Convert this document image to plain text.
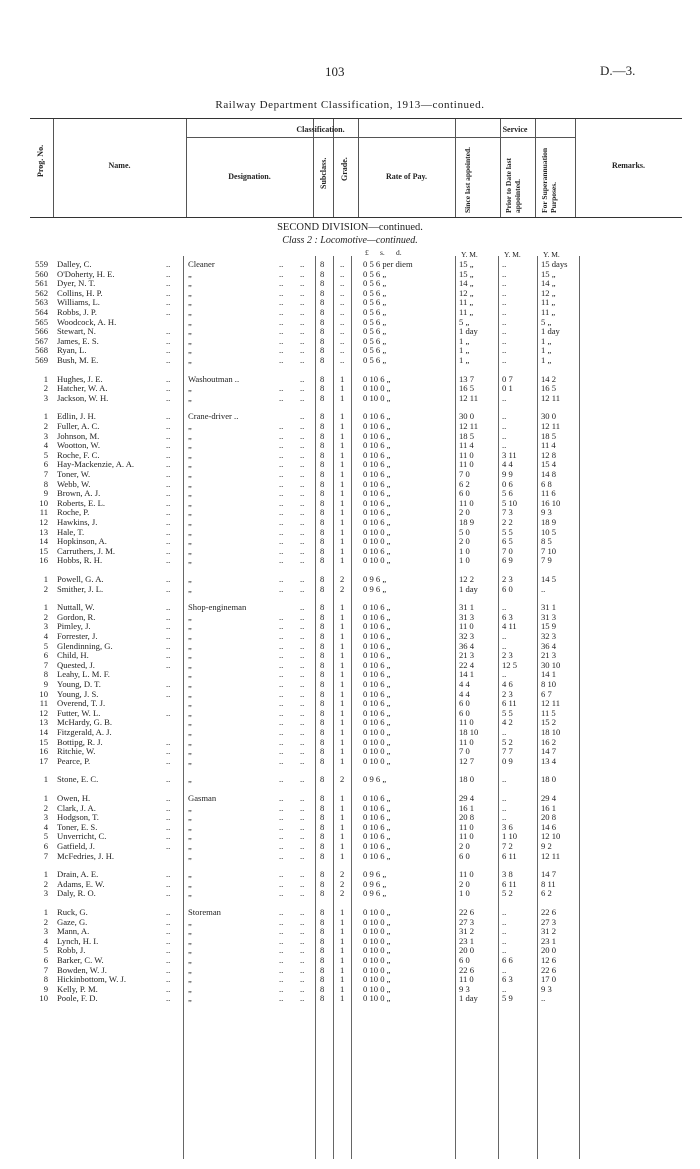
103	D.—3.
Railway Department Classification, 1913—continued.
Prog. No.	Name.
Classification.
Designation.	Subclass. Grade.	Rate of Pay.
Service
Since last appointed.	Prior to Date last appointed. For Superannuation Purposes.
Remarks.
SECOND DIVISION—continued.
Class 2 : Locomotive—continued.
£ s. d.	Y. M.	Y. M.	Y. M.
559 Dalley, C.	.. Cleaner	.. .. 8 .. 0 5 6 per diem	15 „	..	15 days
560 O'Doherty, H. E.	.. „	.. .. 8 .. 0 5 6 „	15 „	..	15 „
561 Dyer, N. T.	.. „	.. .. 8 .. 0 5 6 „	14 „	..	14 „
562 Collins, H. P.	.. „	.. .. 8 .. 0 5 6 „	12 „	..	12 „
563 Williams, L.	.. „	.. .. 8 .. 0 5 6 „	11 „	..	11 „
564 Robbs, J. P.	.. „	.. .. 8 .. 0 5 6 „	11 „	..	11 „
565 Woodcock, A. H.	„	.. .. 8 .. 0 5 6 „	5 „	..	5 „
566 Stewart, N.	.. „	.. .. 8 .. 0 5 6 „	1 day	..	1 day
567 James, E. S.	.. „	.. .. 8 .. 0 5 6 „	1 „	..	1 „
568 Ryan, L.	.. „	.. .. 8 .. 0 5 6 „	1 „	..	1 „
569 Bush, M. E.	.. „	.. .. 8 .. 0 5 6 „	1 „	..	1 „
1 Hughes, J. E.	.. Washoutman ..	.. 8 1 0 10 6 „	13 7	0 7	14 2
2 Hatcher, W. A.	.. „	.. .. 8 1 0 10 0 „	16 5	0 1	16 5
3 Jackson, W. H.	.. „	.. .. 8 1 0 10 0 „	12 11	..	12 11
1 Edlin, J. H.	.. Crane-driver ..	.. 8 1 0 10 6 „	30 0	..	30 0
2 Fuller, A. C.	.. „	.. .. 8 1 0 10 6 „	12 11	..	12 11
3 Johnson, M.	.. „	.. .. 8 1 0 10 6 „	18 5	..	18 5
4 Wootton, W.	.. „	.. .. 8 1 0 10 6 „	11 4	..	11 4
5 Roche, F. C.	.. „	.. .. 8 1 0 10 6 „	11 0	3 11	12 8
6 Hay-Mackenzie, A. A.	.. „	.. .. 8 1 0 10 6 „	11 0	4 4	15 4
7 Toner, W.	.. „	.. .. 8 1 0 10 6 „	7 0	9 9	14 8
8 Webb, W.	.. „	.. .. 8 1 0 10 6 „	6 2	0 6	6 8
9 Brown, A. J.	.. „	.. .. 8 1 0 10 6 „	6 0	5 6	11 6
10 Roberts, E. L.	.. „	.. .. 8 1 0 10 6 „	11 0	5 10	16 10
11 Roche, P.	.. „	.. .. 8 1 0 10 6 „	2 0	7 3	9 3
12 Hawkins, J.	.. „	.. .. 8 1 0 10 6 „	18 9	2 2	18 9
13 Hale, T.	.. „	.. .. 8 1 0 10 0 „	5 0	5 5	10 5
14 Hopkinson, A.	.. „	.. .. 8 1 0 10 0 „	2 0	6 5	8 5
15 Carruthers, J. M.	.. „	.. .. 8 1 0 10 6 „	1 0	7 0	7 10
16 Hobbs, R. H.	.. „	.. .. 8 1 0 10 0 „	1 0	6 9	7 9
1 Powell, G. A.	.. „	.. .. 8 2 0 9 6 „	12 2	2 3	14 5
2 Smither, J. L.	.. „	.. .. 8 2 0 9 6 „	1 day	6 0	..
1 Nuttall, W.	.. Shop-engineman	.. 8 1 0 10 6 „	31 1	..	31 1
2 Gordon, R.	.. „	.. .. 8 1 0 10 6 „	31 3	6 3	31 3
3 Pimley, J.	.. „	.. .. 8 1 0 10 6 „	11 0	4 11	15 9
4 Forrester, J.	.. „	.. .. 8 1 0 10 6 „	32 3	..	32 3
5 Glendinning, G.	.. „	.. .. 8 1 0 10 6 „	36 4	..	36 4
6 Child, H.	.. „	.. .. 8 1 0 10 6 „	21 3	2 3	21 3
7 Quested, J.	.. „	.. .. 8 1 0 10 6 „	22 4	12 5	30 10
8 Leahy, L. M. F.	„	.. .. 8 1 0 10 6 „	14 1	..	14 1
9 Young, D. T.	.. „	.. .. 8 1 0 10 6 „	4 4	4 6	8 10
10 Young, J. S.	.. „	.. .. 8 1 0 10 6 „	4 4	2 3	6 7
11 Overend, T. J.	„	.. .. 8 1 0 10 6 „	6 0	6 11	12 11
12 Futter, W. L.	.. „	.. .. 8 1 0 10 6 „	6 0	5 5	11 5
13 McHardy, G. B.	„	.. .. 8 1 0 10 6 „	11 0	4 2	15 2
14 Fitzgerald, A. J.	„	.. .. 8 1 0 10 0 „	18 10	..	18 10
15 Bottipg, R. J.	.. „	.. .. 8 1 0 10 0 „	11 0	5 2	16 2
16 Ritchie, W.	.. „	.. .. 8 1 0 10 0 „	7 0	7 7	14 7
17 Pearce, P.	.. „	.. .. 8 1 0 10 0 „	12 7	0 9	13 4
1 Stone, E. C.	.. „	.. .. 8 2 0 9 6 „	18 0	..	18 0
1 Owen, H.	.. Gasman	.. .. 8 1 0 10 6 „	29 4	..	29 4
2 Clark, J. A.	.. „	.. .. 8 1 0 10 6 „	16 1	..	16 1
3 Hodgson, T.	.. „	.. .. 8 1 0 10 6 „	20 8	..	20 8
4 Toner, E. S.	.. „	.. .. 8 1 0 10 6 „	11 0	3 6	14 6
5 Unverricht, C.	.. „	.. .. 8 1 0 10 6 „	11 0	1 10	12 10
6 Gatfield, J.	.. „	.. .. 8 1 0 10 6 „	2 0	7 2	9 2
7 McFedries, J. H.	„	.. .. 8 1 0 10 6 „	6 0	6 11	12 11
1 Drain, A. E.	.. „	.. .. 8 2 0 9 6 „	11 0	3 8	14 7
2 Adams, E. W.	.. „	.. .. 8 2 0 9 6 „	2 0	6 11	8 11
3 Daly, R. O.	.. „	.. .. 8 2 0 9 6 „	1 0	5 2	6 2
1 Ruck, G.	.. Storeman	.. .. 8 1 0 10 0 „	22 6	..	22 6
2 Gaze, G.	.. „	.. .. 8 1 0 10 0 „	27 3	..	27 3
3 Mann, A.	.. „	.. .. 8 1 0 10 0 „	31 2	..	31 2
4 Lynch, H. I.	.. „	.. .. 8 1 0 10 0 „	23 1	..	23 1
5 Robb, J.	.. „	.. .. 8 1 0 10 0 „	20 0	..	20 0
6 Barker, C. W.	.. „	.. .. 8 1 0 10 0 „	6 0	6 6	12 6
7 Bowden, W. J.	.. „	.. .. 8 1 0 10 0 „	22 6	..	22 6
8 Hickinbottom, W. J.	.. „	.. .. 8 1 0 10 0 „	11 0	6 3	17 0
9 Kelly, P. M.	.. „	.. .. 8 1 0 10 0 „	9 3	..	9 3
10 Poole, F. D.	.. „	.. .. 8 1 0 10 0 „	1 day	5 9	..
